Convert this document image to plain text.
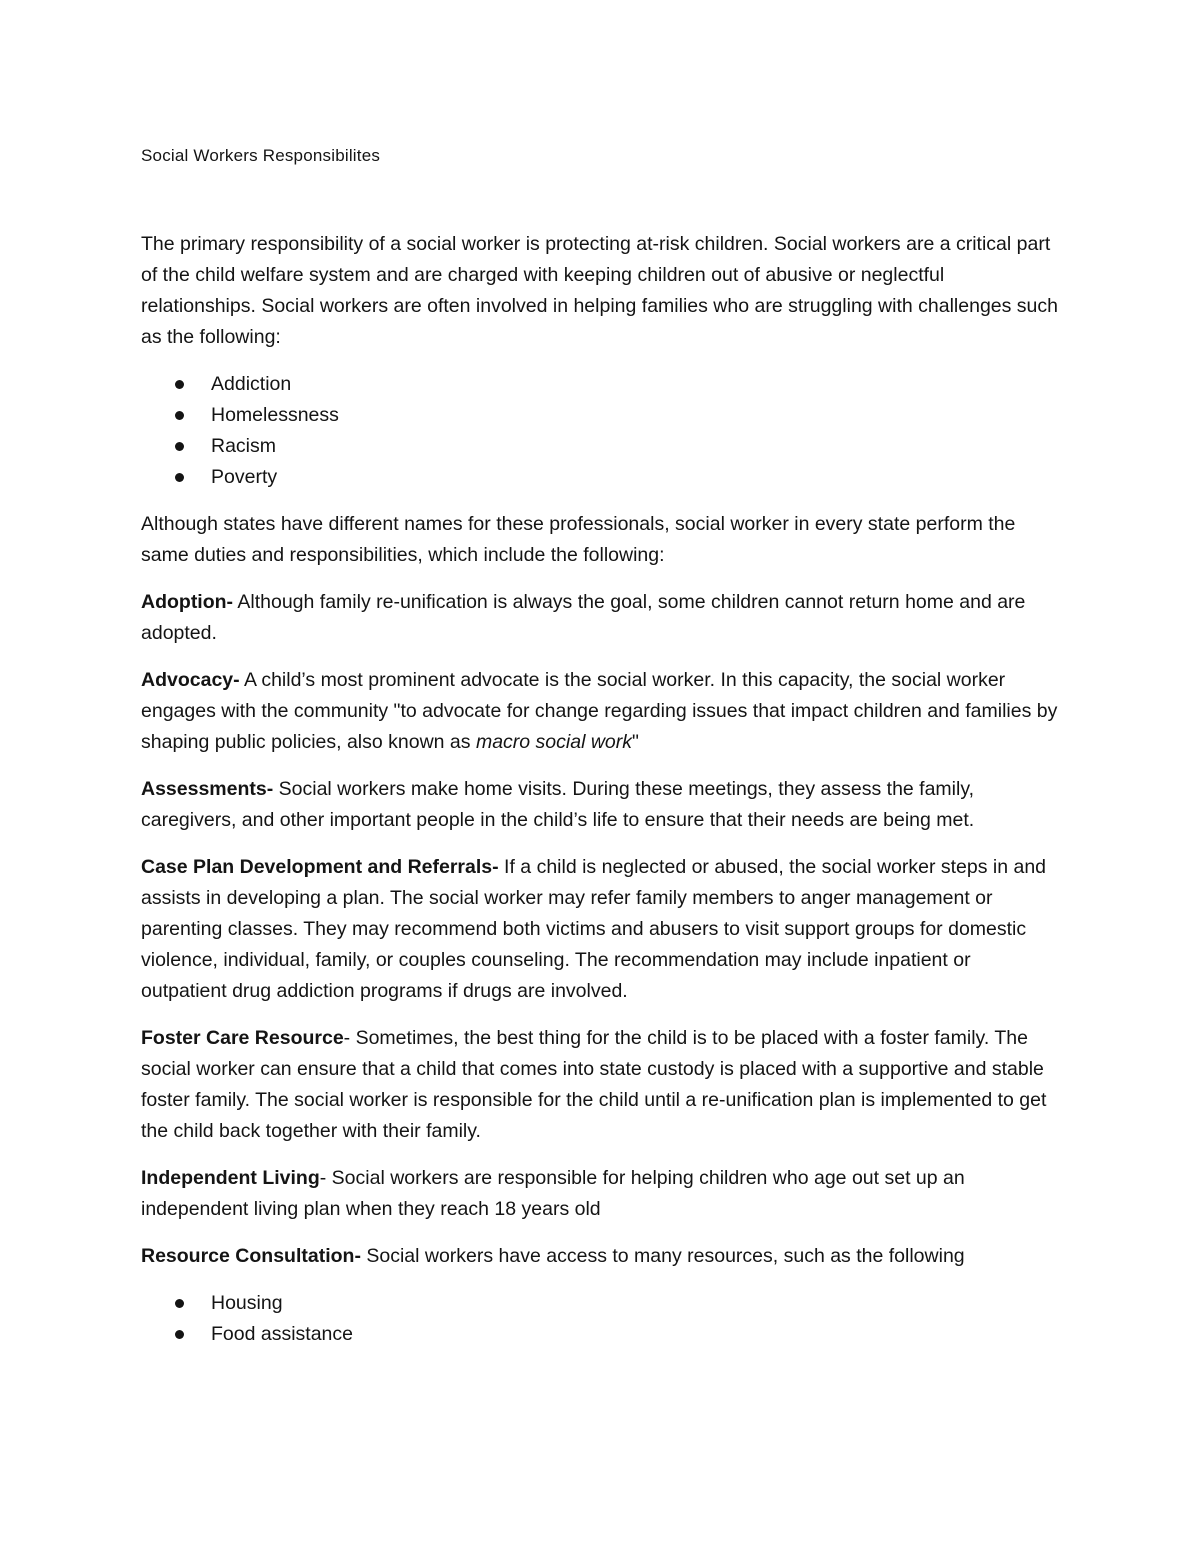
Social Workers Responsibilites

The primary responsibility of a social worker is protecting at-risk children. Social workers are a critical part of the child welfare system and are charged with keeping children out of abusive or neglectful relationships. Social workers are often involved in helping families who are struggling with challenges such as the following:

Addiction
Homelessness
Racism
Poverty

Although states have different names for these professionals, social worker in every state perform the same duties and responsibilities, which include the following:

Adoption- Although family re-unification is always the goal, some children cannot return home and are adopted.

Advocacy- A child’s most prominent advocate is the social worker. In this capacity, the social worker engages with the community "to advocate for change regarding issues that impact children and families by shaping public policies, also known as macro social work"

Assessments- Social workers make home visits. During these meetings, they assess the family, caregivers, and other important people in the child’s life to ensure that their needs are being met.

Case Plan Development and Referrals- If a child is neglected or abused, the social worker steps in and assists in developing a plan. The social worker may refer family members to anger management or parenting classes. They may recommend both victims and abusers to visit support groups for domestic violence, individual, family, or couples counseling. The recommendation may include inpatient or outpatient drug addiction programs if drugs are involved.

Foster Care Resource- Sometimes, the best thing for the child is to be placed with a foster family. The social worker can ensure that a child that comes into state custody is placed with a supportive and stable foster family. The social worker is responsible for the child until a re-unification plan is implemented to get the child back together with their family.

Independent Living- Social workers are responsible for helping children who age out set up an independent living plan when they reach 18 years old

Resource Consultation- Social workers have access to many resources, such as the following

Housing
Food assistance
